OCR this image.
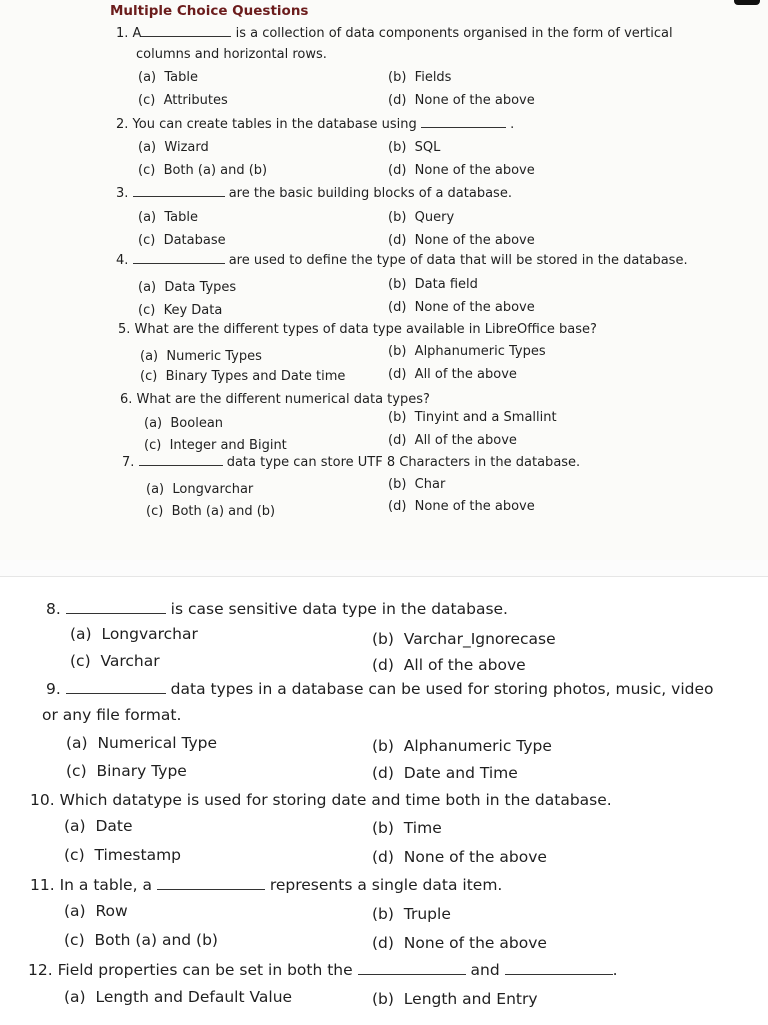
Multiple Choice Questions
1. A	is a collection of data components organised in the form of vertical
columns and horizontal rows.
(a) Table	(b) Fields
(c) Attributes	(d) None of the above
2. You can create tables in the database using	.
(a) Wizard	(b) SQL
(c) Both (a) and (b)	(d) None of the above
3.	are the basic building blocks of a database.
(a) Table	(b) Query
(c) Database	(d) None of the above
4.	are used to define the type of data that will be stored in the database.
(a) Data Types	(b) Data field
(c) Key Data	(d) None of the above
5. What are the different types of data type available in LibreOffice base?
(a) Numeric Types	(b) Alphanumeric Types
(c) Binary Types and Date time	(d) All of the above
6. What are the different numerical data types?
(a) Boolean	(b) Tinyint and a Smallint
(c) Integer and Bigint	(d) All of the above
7.	data type can store UTF 8 Characters in the database.
(a) Longvarchar	(b) Char
(c) Both (a) and (b)	(d) None of the above
8.	is case sensitive data type in the database.
(a) Longvarchar	(b) Varchar_Ignorecase
(c) Varchar	(d) All of the above
9.	data types in a database can be used for storing photos, music, video
or any file format.
(a) Numerical Type	(b) Alphanumeric Type
(c) Binary Type	(d) Date and Time
10. Which datatype is used for storing date and time both in the database.
(a) Date	(b) Time
(c) Timestamp	(d) None of the above
11. In a table, a	represents a single data item.
(a) Row	(b) Truple
(c) Both (a) and (b)	(d) None of the above
12. Field properties can be set in both the	and	.
(a) Length and Default Value	(b) Length and Entry
